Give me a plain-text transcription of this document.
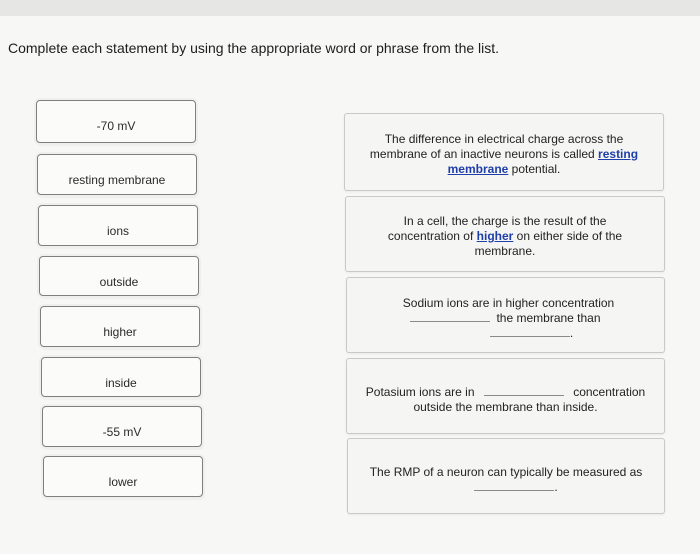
Complete each statement by using the appropriate word or phrase from the list.
-70 mV
resting membrane
ions
outside
higher
inside
-55 mV
lower
The difference in electrical charge across the membrane of an inactive neurons is called resting membrane potential.
In a cell, the charge is the result of the concentration of higher on either side of the membrane.
Sodium ions are in higher concentration
the membrane than
.
Potasium ions are in	concentration
outside the membrane than inside.
The RMP of a neuron can typically be measured as
.
